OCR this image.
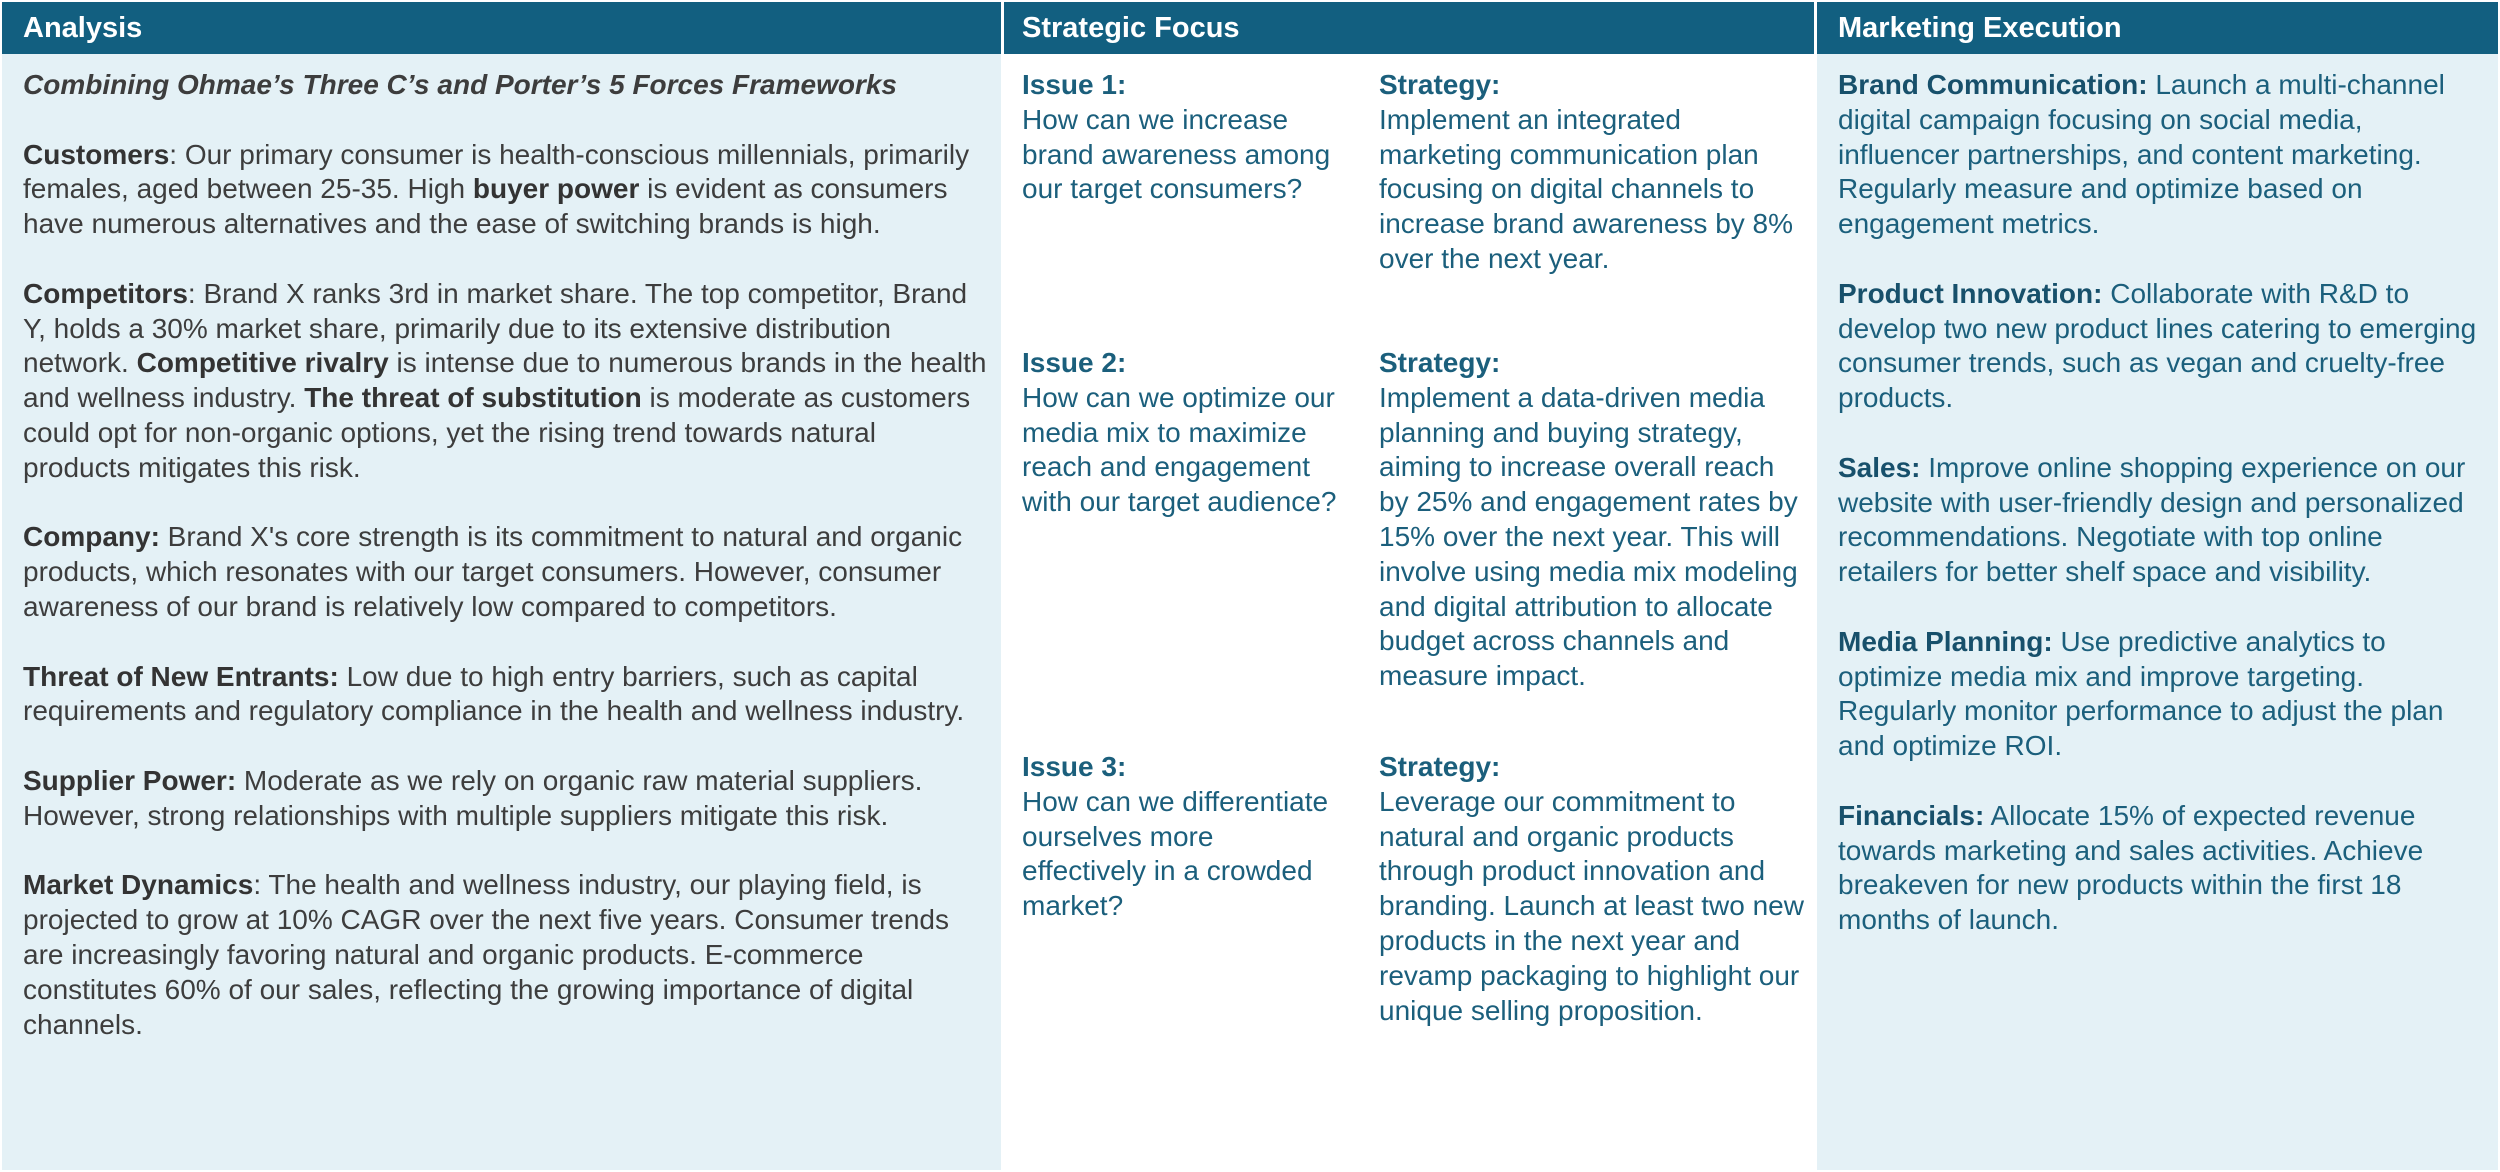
Analysis
Combining Ohmae’s Three C’s and Porter’s 5 Forces Frameworks

Customers: Our primary consumer is health-conscious millennials, primarily females, aged between 25-35. High buyer power is evident as consumers have numerous alternatives and the ease of switching brands is high.

Competitors: Brand X ranks 3rd in market share. The top competitor, Brand Y, holds a 30% market share, primarily due to its extensive distribution network. Competitive rivalry is intense due to numerous brands in the health and wellness industry. The threat of substitution is moderate as customers could opt for non-organic options, yet the rising trend towards natural products mitigates this risk.

Company: Brand X's core strength is its commitment to natural and organic products, which resonates with our target consumers. However, consumer awareness of our brand is relatively low compared to competitors.

Threat of New Entrants: Low due to high entry barriers, such as capital requirements and regulatory compliance in the health and wellness industry.

Supplier Power: Moderate as we rely on organic raw material suppliers. However, strong relationships with multiple suppliers mitigate this risk.

Market Dynamics: The health and wellness industry, our playing field, is projected to grow at 10% CAGR over the next five years. Consumer trends are increasingly favoring natural and organic products. E-commerce constitutes 60% of our sales, reflecting the growing importance of digital channels.

Strategic Focus
Issue 1:
How can we increase brand awareness among our target consumers?
Strategy:
Implement an integrated marketing communication plan focusing on digital channels to increase brand awareness by 8% over the next year.
Issue 2:
How can we optimize our media mix to maximize reach and engagement with our target audience?
Strategy:
Implement a data-driven media planning and buying strategy, aiming to increase overall reach by 25% and engagement rates by 15% over the next year. This will involve using media mix modeling and digital attribution to allocate budget across channels and measure impact.
Issue 3:
How can we differentiate ourselves more effectively in a crowded market?
Strategy:
Leverage our commitment to natural and organic products through product innovation and branding. Launch at least two new products in the next year and revamp packaging to highlight our unique selling proposition.
Marketing Execution

Brand Communication: Launch a multi-channel digital campaign focusing on social media, influencer partnerships, and content marketing. Regularly measure and optimize based on engagement metrics.

Product Innovation: Collaborate with R&D to develop two new product lines catering to emerging consumer trends, such as vegan and cruelty-free products.

Sales: Improve online shopping experience on our website with user-friendly design and personalized recommendations. Negotiate with top online retailers for better shelf space and visibility.

Media Planning: Use predictive analytics to optimize media mix and improve targeting. Regularly monitor performance to adjust the plan and optimize ROI.

Financials: Allocate 15% of expected revenue towards marketing and sales activities. Achieve breakeven for new products within the first 18 months of launch.
